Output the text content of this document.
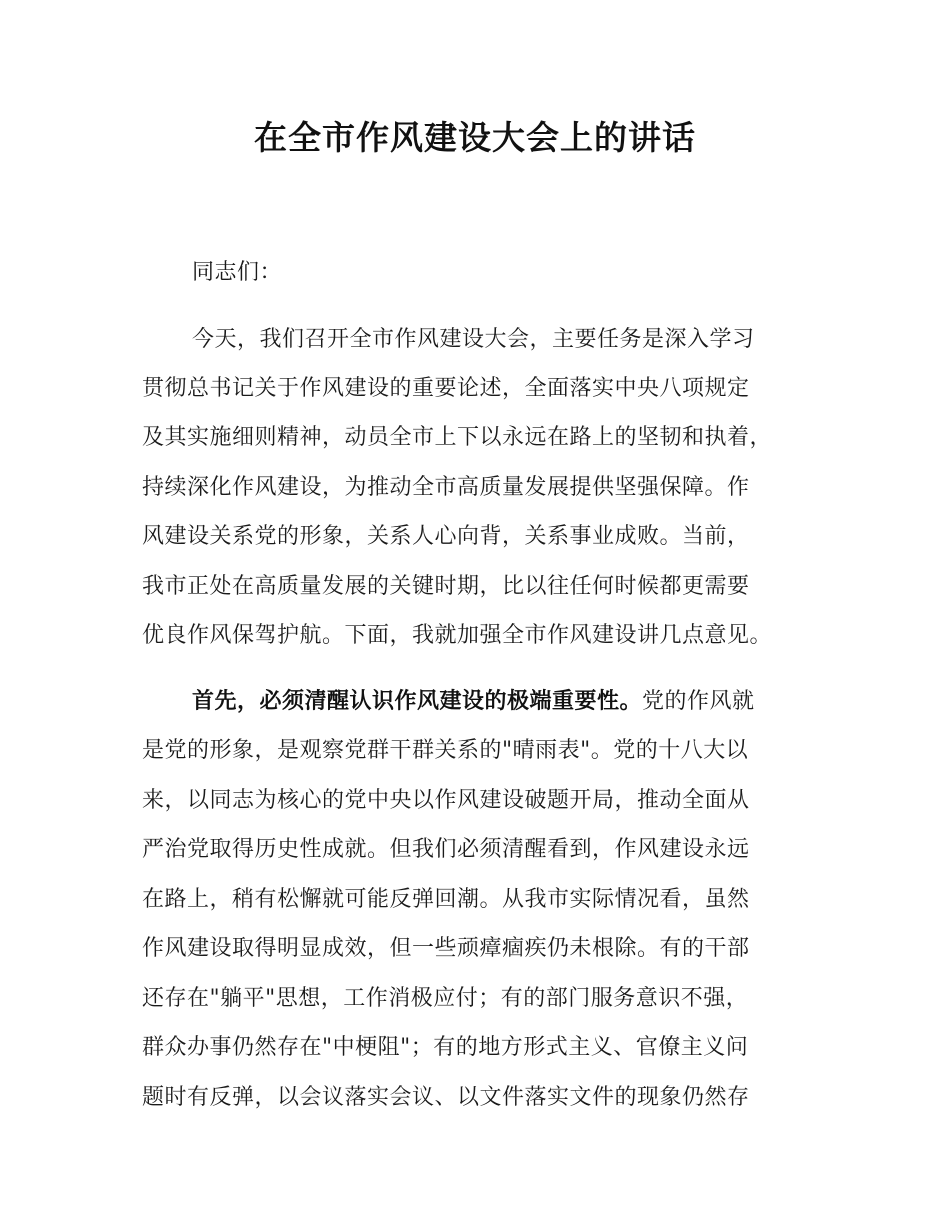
在全市作风建设大会上的讲话

同志们：

今天，我们召开全市作风建设大会，主要任务是深入学习

贯彻总书记关于作风建设的重要论述，全面落实中央八项规定

及其实施细则精神，动员全市上下以永远在路上的坚韧和执着，

持续深化作风建设，为推动全市高质量发展提供坚强保障。作

风建设关系党的形象，关系人心向背，关系事业成败。当前，

我市正处在高质量发展的关键时期，比以往任何时候都更需要

优良作风保驾护航。下面，我就加强全市作风建设讲几点意见。

首先，必须清醒认识作风建设的极端重要性。党的作风就

是党的形象，是观察党群干群关系的"晴雨表"。党的十八大以

来，以同志为核心的党中央以作风建设破题开局，推动全面从

严治党取得历史性成就。但我们必须清醒看到，作风建设永远

在路上，稍有松懈就可能反弹回潮。从我市实际情况看，虽然

作风建设取得明显成效，但一些顽瘴痼疾仍未根除。有的干部

还存在"躺平"思想，工作消极应付；有的部门服务意识不强，

群众办事仍然存在"中梗阻"；有的地方形式主义、官僚主义问

题时有反弹，以会议落实会议、以文件落实文件的现象仍然存
